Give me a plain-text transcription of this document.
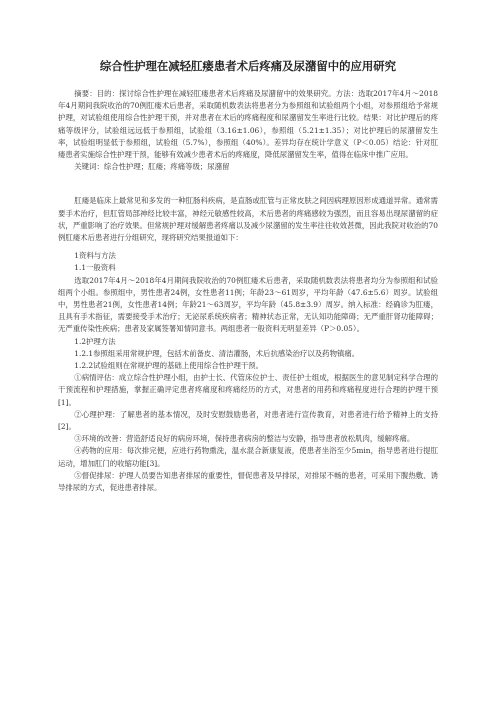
综合性护理在减轻肛瘘患者术后疼痛及尿潴留中的应用研究

摘要：目的：探讨综合性护理在减轻肛瘘患者术后疼痛及尿潴留中的效果研究。方法：选取2017年4月～2018年4月期间我院收治的70例肛瘘术后患者，采取随机数表法将患者分为参照组和试验组两个小组，对参照组给予常规护理，对试验组使用综合性护理干预，并对患者在术后的疼痛程度和尿潴留发生率进行比较。结果：对比护理后的疼痛等级评分，试验组远远低于参照组，试验组（3.16±1.06），参照组（5.21±1.35）；对比护理后的尿潴留发生率，试验组明显低于参照组，试验组（5.7%），参照组（40%）。差异均存在统计学意义（P＜0.05）结论：针对肛瘘患者实施综合性护理干预，能够有效减少患者术后的疼痛度，降低尿潴留发生率，值得在临床中推广应用。

关键词：综合性护理；肛瘘；疼痛等级；尿潴留

肛瘘是临床上最常见和多发的一种肛肠科疾病，是直肠或肛管与正常皮肤之间因病理原因形成通道异常。通常需要手术治疗，但肛管局部神经比较丰富，神经元敏感性较高，术后患者的疼痛感较为强烈，而且容易出现尿潴留的症状，严重影响了治疗效果。但常规护理对缓解患者疼痛以及减少尿潴留的发生率往往收效甚微，因此我院对收治的70例肛瘘术后患者进行分组研究，现将研究结果报道如下：

1资料与方法

1.1一般资料

选取2017年4月～2018年4月期间我院收治的70例肛瘘术后患者，采取随机数表法将患者均分为参照组和试验组两个小组。参照组中，男性患者24例，女性患者11例；年龄23～61周岁，平均年龄（47.6±5.6）周岁。试验组中，男性患者21例，女性患者14例；年龄21～63周岁，平均年龄（45.8±3.9）周岁。纳入标准：经确诊为肛瘘，且具有手术指征，需要接受手术治疗；无泌尿系统疾病者；精神状态正常，无认知功能障碍；无严重肝肾功能障碍；无严重传染性疾病；患者及家属签署知情同意书。两组患者一般资料无明显差异（P＞0.05）。

1.2护理方法

1.2.1参照组采用常规护理，包括术前备皮、清洁灌肠，术后抗感染治疗以及药物镇痛。

1.2.2试验组则在常规护理的基础上使用综合性护理干预。

①病情评估：成立综合性护理小组，由护士长、代管床位护士、责任护士组成，根据医生的意见制定科学合理的干预流程和护理措施，掌握正确评定患者疼痛度和疼痛经历的方式，对患者的用药和疼痛程度进行合理的护理干预[1]。

②心理护理：了解患者的基本情况，及时安慰鼓励患者，对患者进行宣传教育，对患者进行给予精神上的支持[2]。

③环境的改善：营造舒适良好的病房环境，保持患者病房的整洁与安静，指导患者放松肌肉，缓解疼痛。

④药物的应用：每次排完便，应进行药物熏洗，温水混合新康复液，使患者坐浴至少5min，指导患者进行提肛运动，增加肛门的收缩功能[3]。

⑤督促排尿：护理人员要告知患者排尿的重要性，督促患者及早排尿，对排尿不畅的患者，可采用下腹热敷、诱导排尿的方式，促进患者排尿。
